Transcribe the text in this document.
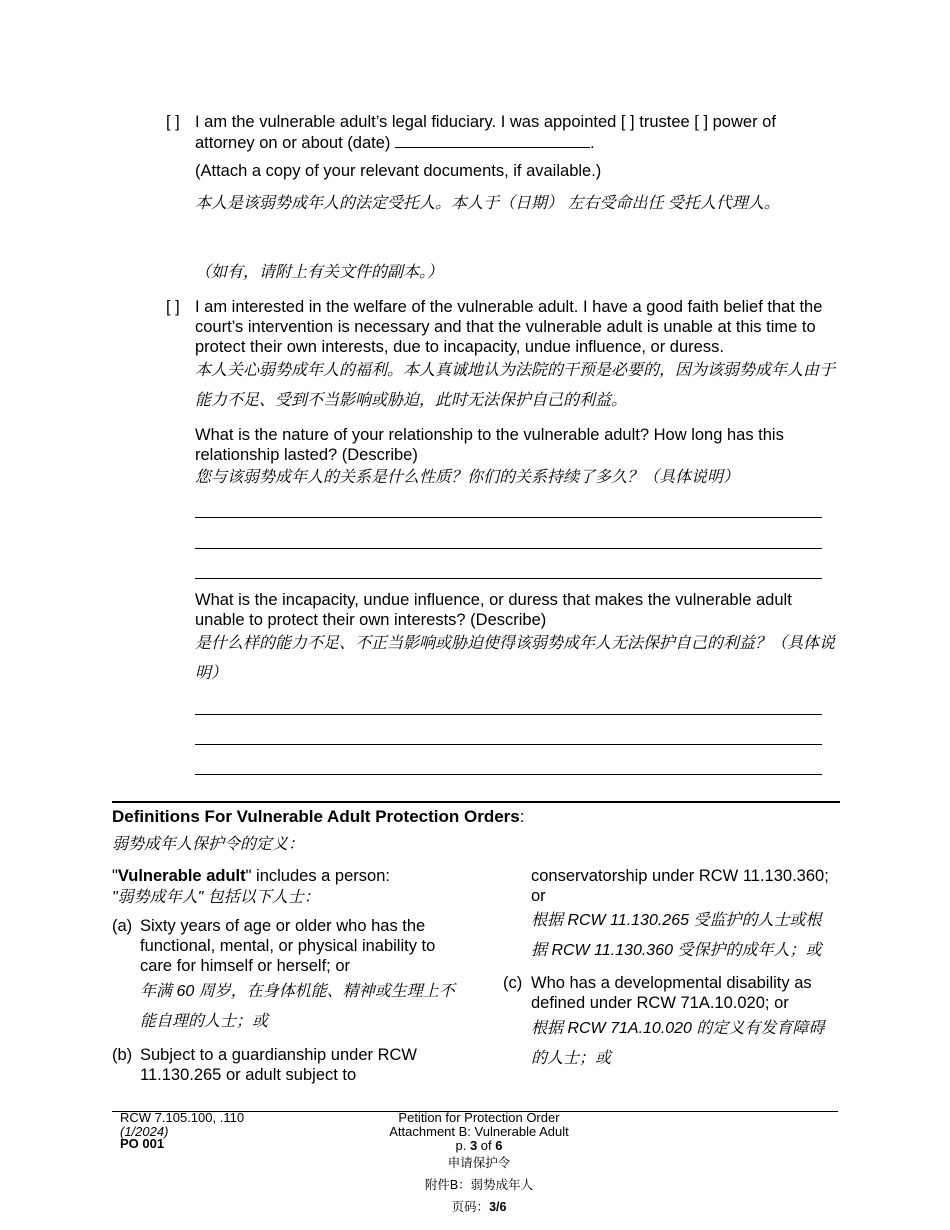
[ ] I am the vulnerable adult’s legal fiduciary. I was appointed [ ] trustee [ ] power of
attorney on or about (date)	.
(Attach a copy of your relevant documents, if available.)
本人是该弱势成年人的法定受托人。本人于（日期） 左右受命出任 受托人代理人。
（如有，请附上有关文件的副本。）
[ ] I am interested in the welfare of the vulnerable adult. I have a good faith belief that the court’s intervention is necessary and that the vulnerable adult is unable at this time to protect their own interests, due to incapacity, undue influence, or duress.
本人关心弱势成年人的福利。本人真诚地认为法院的干预是必要的，因为该弱势成年人由于能力不足、受到不当影响或胁迫，此时无法保护自己的利益。
What is the nature of your relationship to the vulnerable adult? How long has this relationship lasted? (Describe)
您与该弱势成年人的关系是什么性质？你们的关系持续了多久？（具体说明）
What is the incapacity, undue influence, or duress that makes the vulnerable adult unable to protect their own interests? (Describe)
是什么样的能力不足、不正当影响或胁迫使得该弱势成年人无法保护自己的利益？（具体说明）
Definitions For Vulnerable Adult Protection Orders:
弱势成年人保护令的定义：
"Vulnerable adult" includes a person:
"弱势成年人" 包括以下人士：
(a) Sixty years of age or older who has the functional, mental, or physical inability to care for himself or herself; or
年满 60 周岁，在身体机能、精神或生理上不能自理的人士；或
(b) Subject to a guardianship under RCW 11.130.265 or adult subject to
conservatorship under RCW 11.130.360; or
根据 RCW 11.130.265 受监护的人士或根据 RCW 11.130.360 受保护的成年人；或
(c) Who has a developmental disability as defined under RCW 71A.10.020; or
根据 RCW 71A.10.020 的定义有发育障碍的人士；或
RCW 7.105.100, .110
(1/2024)
PO 001
Petition for Protection Order
Attachment B: Vulnerable Adult
p. 3 of 6
申请保护令
附件B：弱势成年人
页码：3/6
